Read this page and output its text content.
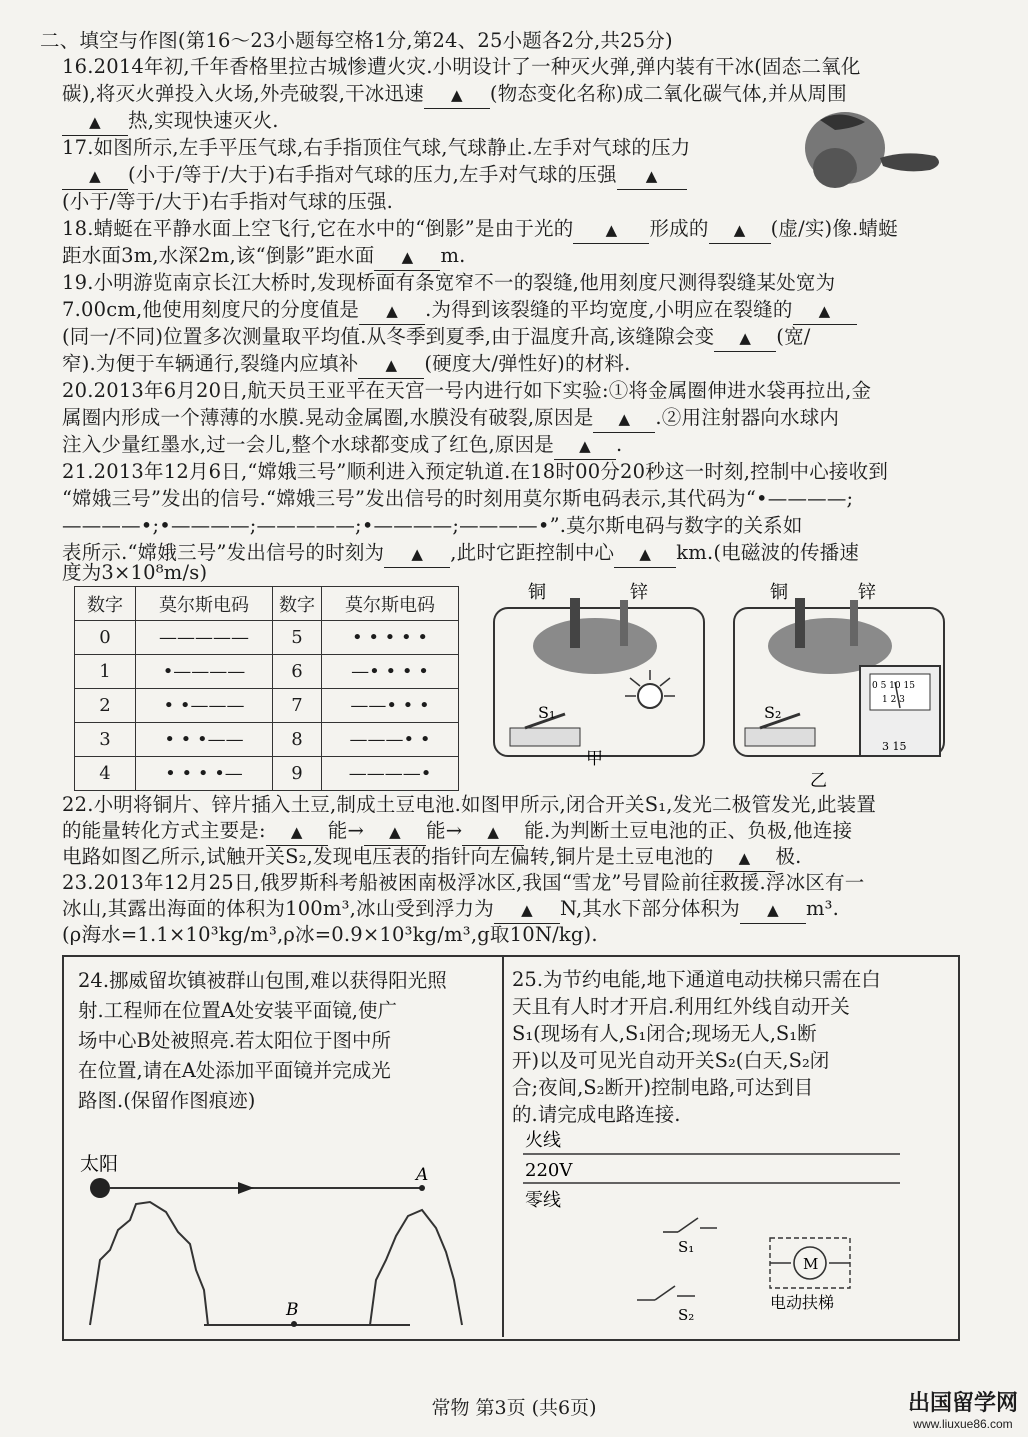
二、填空与作图(第16～23小题每空格1分,第24、25小题各2分,共25分)
16.2014年初,千年香格里拉古城惨遭火灾.小明设计了一种灭火弹,弹内装有干冰(固态二氧化
碳),将灭火弹投入火场,外壳破裂,干冰迅速 ▲ (物态变化名称)成二氧化碳气体,并从周围
▲ 热,实现快速灭火.
17.如图所示,左手平压气球,右手指顶住气球,气球静止.左手对气球的压力
▲ (小于/等于/大于)右手指对气球的压力,左手对气球的压强 ▲
(小于/等于/大于)右手指对气球的压强.
18.蜻蜓在平静水面上空飞行,它在水中的“倒影”是由于光的 ▲ 形成的 ▲ (虚/实)像.蜻蜓
距水面3m,水深2m,该“倒影”距水面 ▲ m.
19.小明游览南京长江大桥时,发现桥面有条宽窄不一的裂缝,他用刻度尺测得裂缝某处宽为
7.00cm,他使用刻度尺的分度值是 ▲ .为得到该裂缝的平均宽度,小明应在裂缝的 ▲
(同一/不同)位置多次测量取平均值.从冬季到夏季,由于温度升高,该缝隙会变 ▲ (宽/
窄).为便于车辆通行,裂缝内应填补 ▲ (硬度大/弹性好)的材料.
20.2013年6月20日,航天员王亚平在天宫一号内进行如下实验:①将金属圈伸进水袋再拉出,金
属圈内形成一个薄薄的水膜.晃动金属圈,水膜没有破裂,原因是 ▲ .②用注射器向水球内
注入少量红墨水,过一会儿,整个水球都变成了红色,原因是 ▲ .
21.2013年12月6日,“嫦娥三号”顺利进入预定轨道.在18时00分20秒这一时刻,控制中心接收到
“嫦娥三号”发出的信号.“嫦娥三号”发出信号的时刻用莫尔斯电码表示,其代码为“•————;
————•;•————;—————;•————;————•”.莫尔斯电码与数字的关系如
表所示.“嫦娥三号”发出信号的时刻为 ▲ ,此时它距控制中心 ▲ km.(电磁波的传播速
度为3×10⁸m/s)
数字	莫尔斯电码	数字	莫尔斯电码
0	—————	5	• • • • •
1	•————	6	—• • • •
2	• •———	7	——• • •
3	• • •——	8	———• •
4	• • • •—	9	————•
铜	锌
S₁
甲
铜	锌
S₂
乙
0 5 10 15
1 2 3
3 15
22.小明将铜片、锌片插入土豆,制成土豆电池.如图甲所示,闭合开关S₁,发光二极管发光,此装置
的能量转化方式主要是: ▲ 能→ ▲ 能→ ▲ 能.为判断土豆电池的正、负极,他连接
电路如图乙所示,试触开关S₂,发现电压表的指针向左偏转,铜片是土豆电池的 ▲ 极.
23.2013年12月25日,俄罗斯科考船被困南极浮冰区,我国“雪龙”号冒险前往救援.浮冰区有一
冰山,其露出海面的体积为100m³,冰山受到浮力为 ▲ N,其水下部分体积为 ▲ m³.
(ρ海水=1.1×10³kg/m³,ρ冰=0.9×10³kg/m³,g取10N/kg).
24.挪威留坎镇被群山包围,难以获得阳光照
射.工程师在位置A处安装平面镜,使广
场中心B处被照亮.若太阳位于图中所
在位置,请在A处添加平面镜并完成光
路图.(保留作图痕迹)
太阳	A
B
25.为节约电能,地下通道电动扶梯只需在白
天且有人时才开启.利用红外线自动开关
S₁(现场有人,S₁闭合;现场无人,S₁断
开)以及可见光自动开关S₂(白天,S₂闭
合;夜间,S₂断开)控制电路,可达到目
的.请完成电路连接.
火线
220V
零线
S₁
S₂
M
电动扶梯
常物 第3页 (共6页)	出国留学网
www.liuxue86.com
